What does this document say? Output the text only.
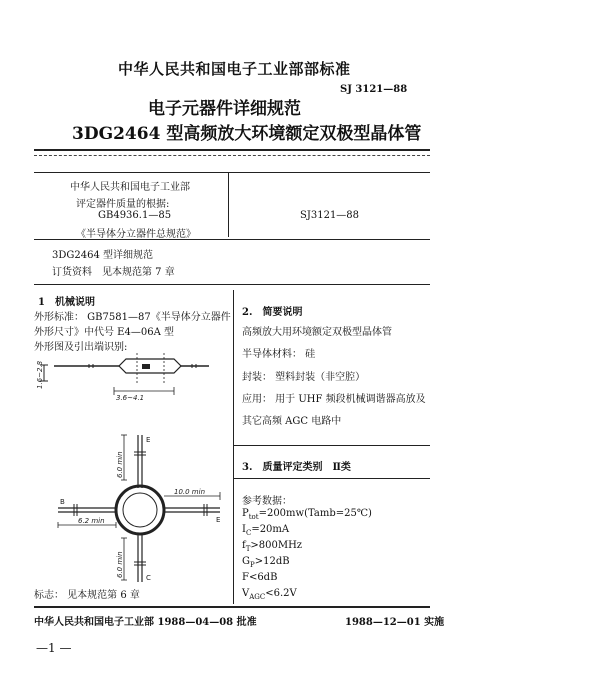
中华人民共和国电子工业部部标准
SJ 3121—88
电子元器件详细规范
3DG2464 型高频放大环境额定双极型晶体管
中华人民共和国电子工业部
评定器件质量的根据:
GB4936.1—85
《半导体分立器件总规范》
SJ3121—88
3DG2464 型详细规范
订货资料　见本规范第 7 章
1　机械说明
外形标准： GB7581—87《半导体分立器件
外形尺寸》中代号 E4—06A 型
外形图及引出端识别:
1.6~2.8
3.6~4.1
6.0 min
E
B
6.2 min	E
10.0 min
6.0 min	C
标志： 见本规范第 6 章
2.　简要说明
高频放大用环境额定双极型晶体管
半导体材料： 硅
封装： 塑料封装（非空腔）
应用： 用于 UHF 频段机械调谐器高放及
其它高频 AGC 电路中
3.　质量评定类别　Ⅱ类
参考数据：
$P_{tot}=200mw(Tamb=25℃)$
$I_C=20mA$
$f_T>800MHz$
$G_P>12dB$
F<6dB
$V_{AGC}<6.2V$
中华人民共和国电子工业部 1988—04—08 批准	1988—12—01 实施
—1 —
